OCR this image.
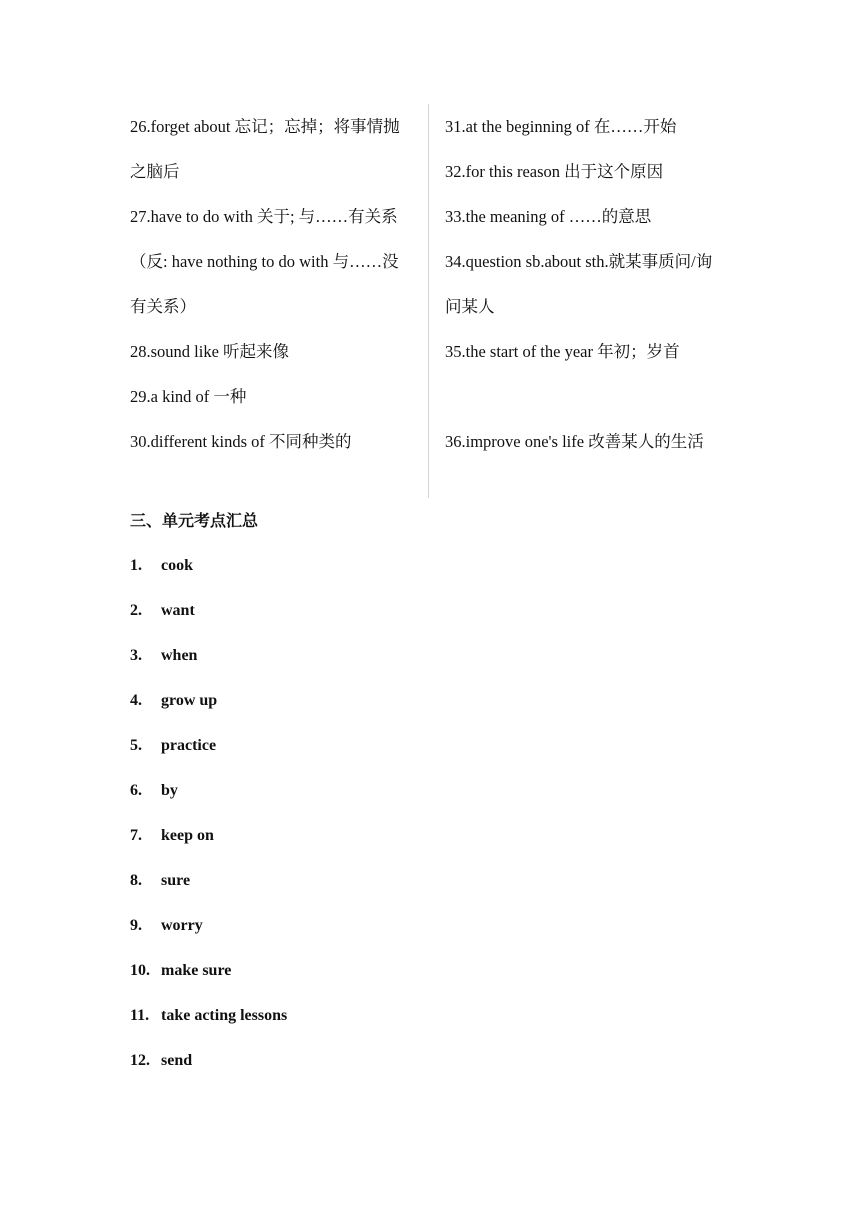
26.forget about 忘记；忘掉；将事情抛
之脑后
27.have to do with 关于; 与……有关系
（反: have nothing to do with 与……没
有关系）
28.sound like 听起来像
29.a kind of 一种
30.different kinds of 不同种类的
31.at the beginning of 在……开始
32.for this reason 出于这个原因
33.the meaning of ……的意思
34.question sb.about sth.就某事质问/询
问某人
35.the start of the year 年初；岁首
36.improve one's life 改善某人的生活
三、单元考点汇总
1. cook
2. want
3. when
4. grow up
5. practice
6. by
7. keep on
8. sure
9. worry
10. make sure
11. take acting lessons
12. send
